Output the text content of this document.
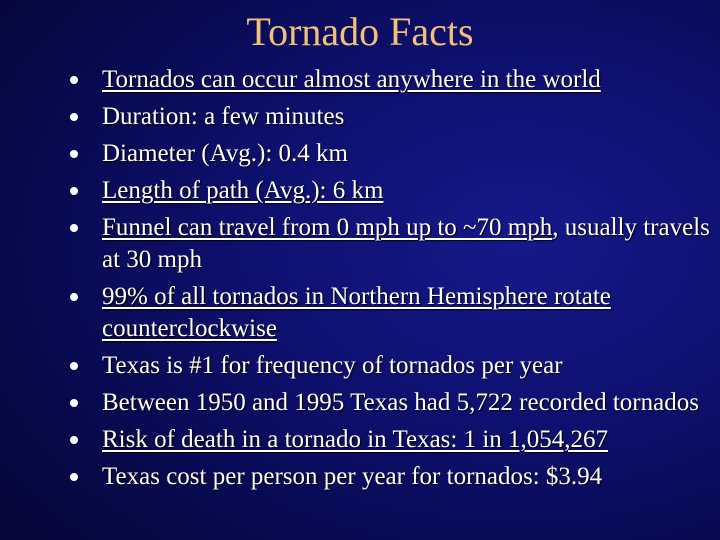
Tornado Facts
Tornados can occur almost anywhere in the world
Duration: a few minutes
Diameter (Avg.): 0.4 km
Length of path (Avg.): 6 km
Funnel can travel from 0 mph up to ~70 mph, usually travels at 30 mph
99% of all tornados in Northern Hemisphere rotate counterclockwise
Texas is #1 for frequency of tornados per year
Between 1950 and 1995 Texas had 5,722 recorded tornados
Risk of death in a tornado in Texas: 1 in 1,054,267
Texas cost per person per year for tornados: $3.94
